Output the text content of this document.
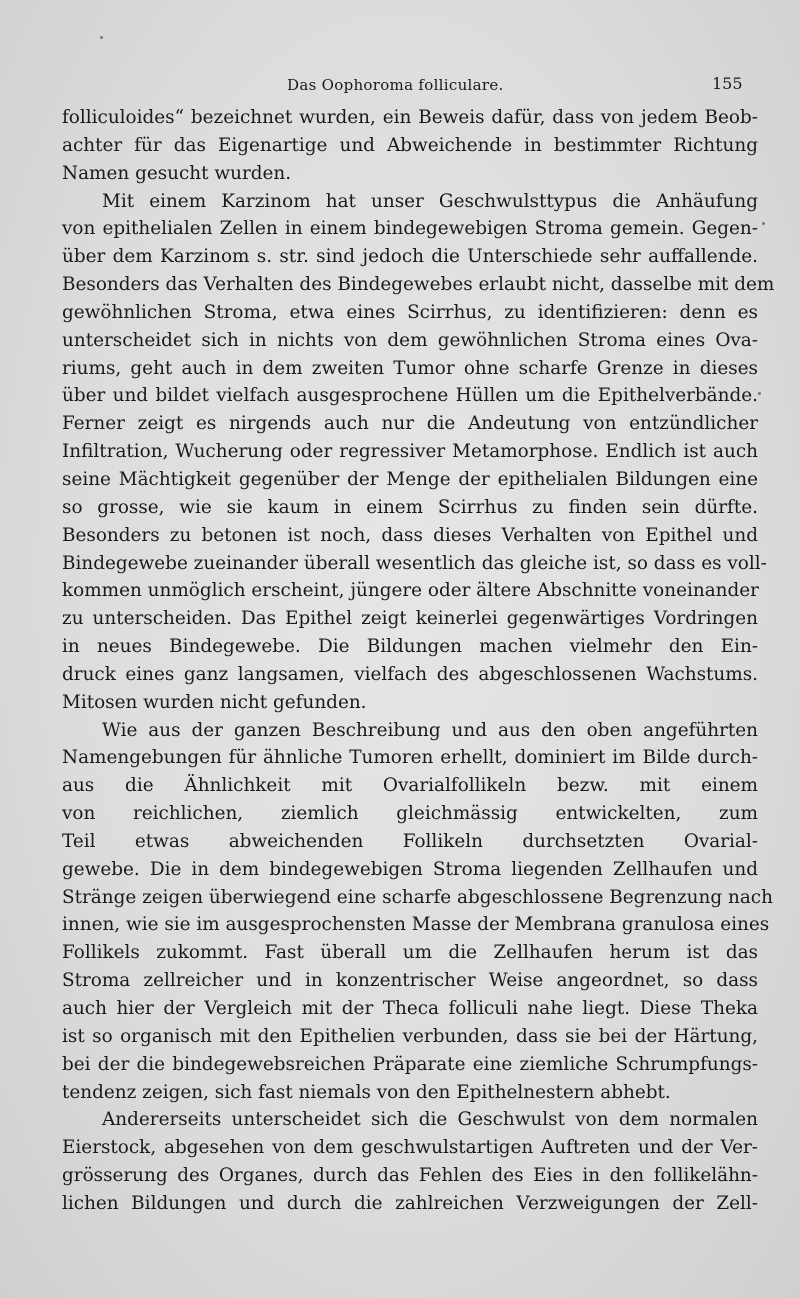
Das Oophoroma folliculare.	155
folliculoides“ bezeichnet wurden, ein Beweis dafür, dass von jedem Beob-
achter für das Eigenartige und Abweichende in bestimmter Richtung
Namen gesucht wurden.
Mit einem Karzinom hat unser Geschwulsttypus die Anhäufung
von epithelialen Zellen in einem bindegewebigen Stroma gemein. Gegen-
über dem Karzinom s. str. sind jedoch die Unterschiede sehr auffallende.
Besonders das Verhalten des Bindegewebes erlaubt nicht, dasselbe mit dem
gewöhnlichen Stroma, etwa eines Scirrhus, zu identifizieren: denn es
unterscheidet sich in nichts von dem gewöhnlichen Stroma eines Ova-
riums, geht auch in dem zweiten Tumor ohne scharfe Grenze in dieses
über und bildet vielfach ausgesprochene Hüllen um die Epithelverbände.
Ferner zeigt es nirgends auch nur die Andeutung von entzündlicher
Infiltration, Wucherung oder regressiver Metamorphose. Endlich ist auch
seine Mächtigkeit gegenüber der Menge der epithelialen Bildungen eine
so grosse, wie sie kaum in einem Scirrhus zu finden sein dürfte.
Besonders zu betonen ist noch, dass dieses Verhalten von Epithel und
Bindegewebe zueinander überall wesentlich das gleiche ist, so dass es voll-
kommen unmöglich erscheint, jüngere oder ältere Abschnitte voneinander
zu unterscheiden. Das Epithel zeigt keinerlei gegenwärtiges Vordringen
in neues Bindegewebe. Die Bildungen machen vielmehr den Ein-
druck eines ganz langsamen, vielfach des abgeschlossenen Wachstums.
Mitosen wurden nicht gefunden.
Wie aus der ganzen Beschreibung und aus den oben angeführten
Namengebungen für ähnliche Tumoren erhellt, dominiert im Bilde durch-
aus die Ähnlichkeit mit Ovarialfollikeln bezw. mit einem
von reichlichen, ziemlich gleichmässig entwickelten, zum
Teil etwas abweichenden Follikeln durchsetzten Ovarial-
gewebe. Die in dem bindegewebigen Stroma liegenden Zellhaufen und
Stränge zeigen überwiegend eine scharfe abgeschlossene Begrenzung nach
innen, wie sie im ausgesprochensten Masse der Membrana granulosa eines
Follikels zukommt. Fast überall um die Zellhaufen herum ist das
Stroma zellreicher und in konzentrischer Weise angeordnet, so dass
auch hier der Vergleich mit der Theca folliculi nahe liegt. Diese Theka
ist so organisch mit den Epithelien verbunden, dass sie bei der Härtung,
bei der die bindegewebsreichen Präparate eine ziemliche Schrumpfungs-
tendenz zeigen, sich fast niemals von den Epithelnestern abhebt.
Andererseits unterscheidet sich die Geschwulst von dem normalen
Eierstock, abgesehen von dem geschwulstartigen Auftreten und der Ver-
grösserung des Organes, durch das Fehlen des Eies in den follikelähn-
lichen Bildungen und durch die zahlreichen Verzweigungen der Zell-
